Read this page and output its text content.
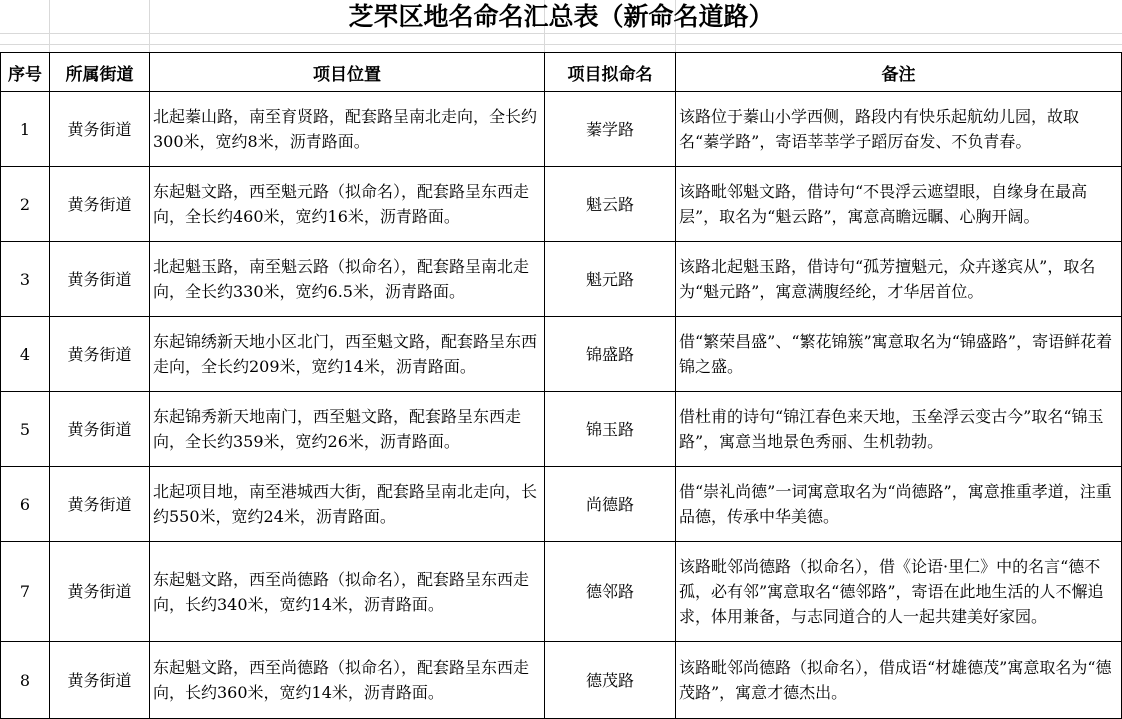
芝罘区地名命名汇总表（新命名道路）
序号	所属街道	项目位置	项目拟命名	备注
1	黄务街道	北起蓁山路，南至育贤路，配套路呈南北走向，全长约300米，宽约8米，沥青路面。	蓁学路	该路位于蓁山小学西侧，路段内有快乐起航幼儿园，故取名“蓁学路”，寄语莘莘学子蹈厉奋发、不负青春。
2	黄务街道	东起魁文路，西至魁元路（拟命名），配套路呈东西走向，全长约460米，宽约16米，沥青路面。	魁云路	该路毗邻魁文路，借诗句“不畏浮云遮望眼，自缘身在最高层”，取名为“魁云路”，寓意高瞻远瞩、心胸开阔。
3	黄务街道	北起魁玉路，南至魁云路（拟命名），配套路呈南北走向，全长约330米，宽约6.5米，沥青路面。	魁元路	该路北起魁玉路，借诗句“孤芳擅魁元，众卉遂宾从”，取名为“魁元路”，寓意满腹经纶，才华居首位。
4	黄务街道	东起锦绣新天地小区北门，西至魁文路，配套路呈东西走向，全长约209米，宽约14米，沥青路面。	锦盛路	借“繁荣昌盛”、“繁花锦簇”寓意取名为“锦盛路”，寄语鲜花着锦之盛。
5	黄务街道	东起锦秀新天地南门，西至魁文路，配套路呈东西走向，全长约359米，宽约26米，沥青路面。	锦玉路	借杜甫的诗句“锦江春色来天地，玉垒浮云变古今”取名“锦玉路”，寓意当地景色秀丽、生机勃勃。
6	黄务街道	北起项目地，南至港城西大街，配套路呈南北走向，长约550米，宽约24米，沥青路面。	尚德路	借“崇礼尚德”一词寓意取名为“尚德路”，寓意推重孝道，注重品德，传承中华美德。
7	黄务街道	东起魁文路，西至尚德路（拟命名），配套路呈东西走向，长约340米，宽约14米，沥青路面。	德邻路	该路毗邻尚德路（拟命名），借《论语·里仁》中的名言“德不孤，必有邻”寓意取名“德邻路”，寄语在此地生活的人不懈追求，体用兼备，与志同道合的人一起共建美好家园。
8	黄务街道	东起魁文路，西至尚德路（拟命名），配套路呈东西走向，长约360米，宽约14米，沥青路面。	德茂路	该路毗邻尚德路（拟命名），借成语“材雄德茂”寓意取名为“德茂路”，寓意才德杰出。
